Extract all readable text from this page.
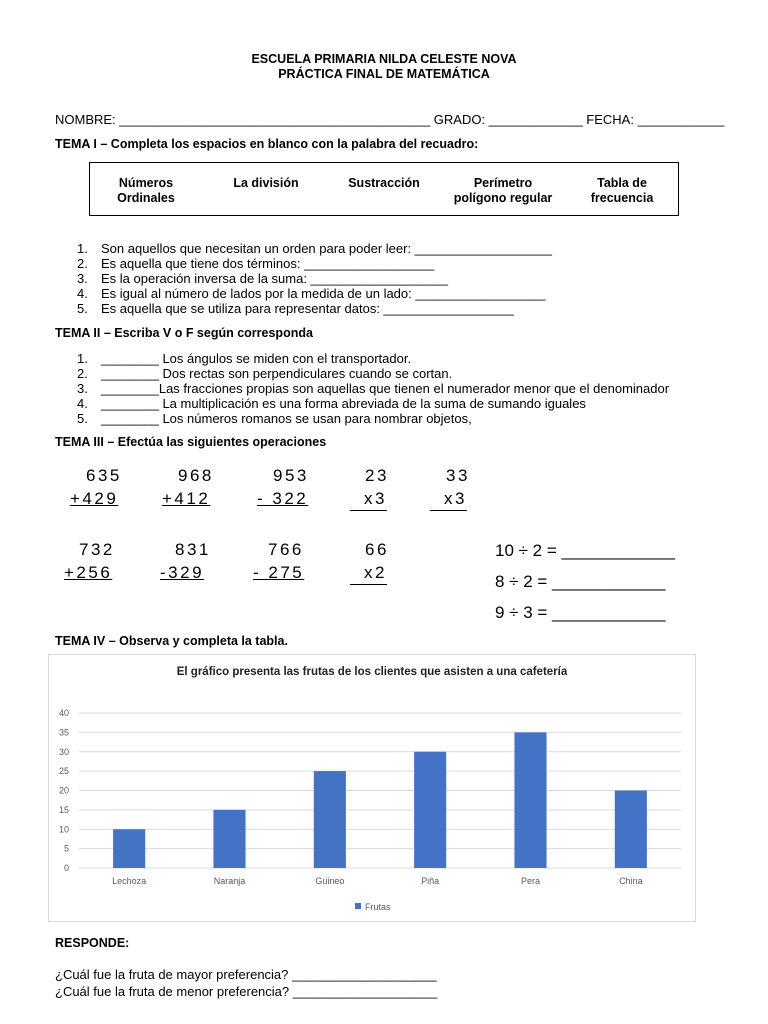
ESCUELA PRIMARIA NILDA CELESTE NOVA
PRÁCTICA FINAL DE MATEMÁTICA
NOMBRE: ___________________________________________ GRADO: _____________ FECHA: ____________
TEMA I – Completa los espacios en blanco con la palabra del recuadro:
Números
Ordinales
La división	Sustracción	Perímetro
polígono regular
Tabla de
frecuencia
1. Son aquellos que necesitan un orden para poder leer: ___________________
2. Es aquella que tiene dos términos: __________________
3. Es la operación inversa de la suma: ___________________
4. Es igual al número de lados por la medida de un lado: __________________
5. Es aquella que se utiliza para representar datos: __________________
TEMA II – Escriba V o F según corresponda
1. ________ Los ángulos se miden con el transportador.
2. ________ Dos rectas son perpendiculares cuando se cortan.
3. ________Las fracciones propias son aquellas que tienen el numerador menor que el denominador
4. ________ La multiplicación es una forma abreviada de la suma de sumando iguales
5. ________ Los números romanos se usan para nombrar objetos,
TEMA III – Efectúa las siguientes operaciones
635
+429
968
+412
953
- 322
23
x3
33
x3
732
+256
831
-329
766
- 275
66
x2
10 ÷ 2 = ____________
8 ÷ 2 = ____________
9 ÷ 3 = ____________
TEMA IV – Observa y completa la tabla.
El gráfico presenta las frutas de los clientes que asisten a una cafetería
0
5
10
15
20
25
30
35
40
Lechoza	Naranja	Guineo	Piña	Pera	China
Frutas
RESPONDE:
¿Cuál fue la fruta de mayor preferencia? ____________________
¿Cuál fue la fruta de menor preferencia? ____________________
